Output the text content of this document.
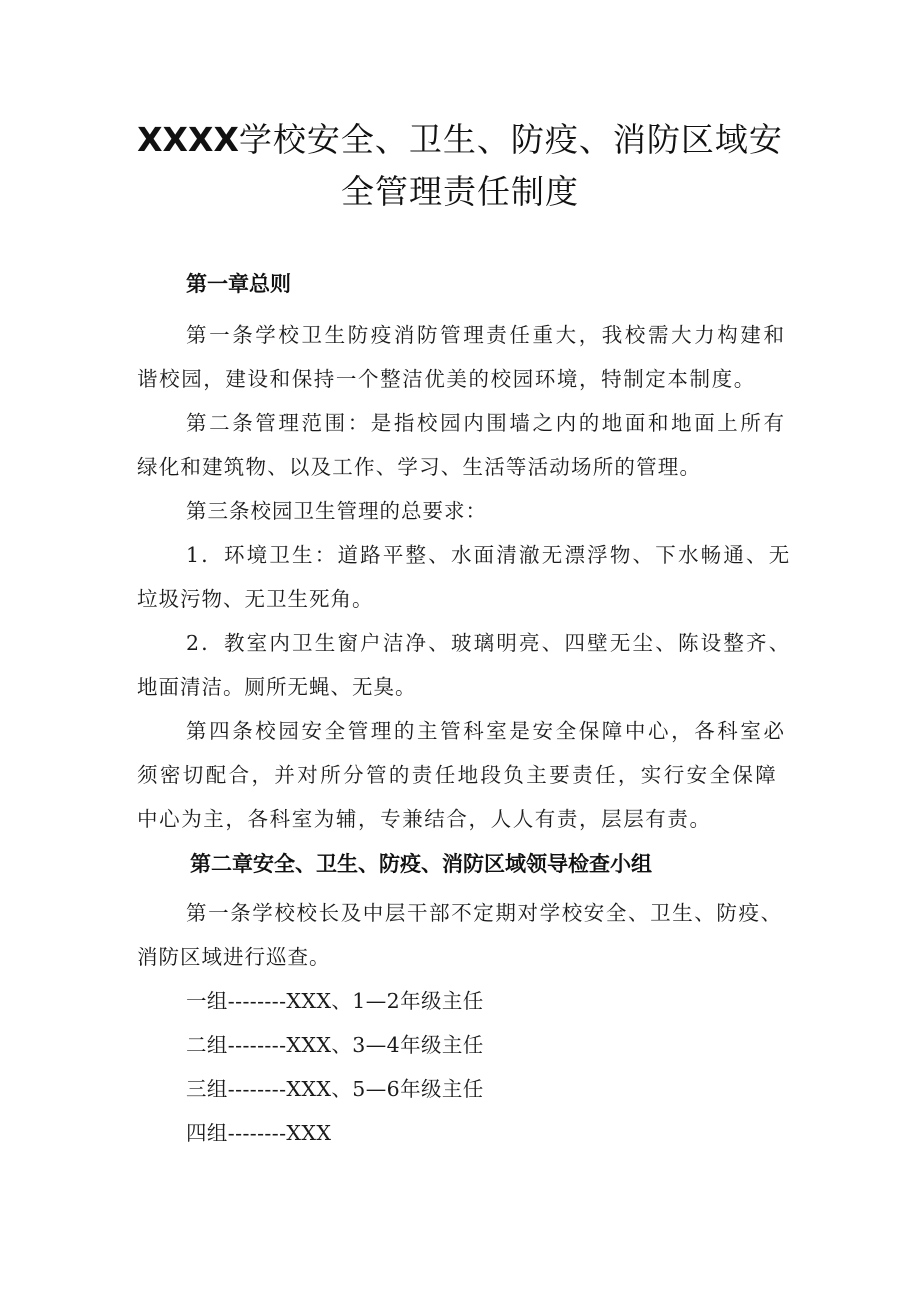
XXXX学校安全、卫生、防疫、消防区域安
全管理责任制度
第一章总则
第一条学校卫生防疫消防管理责任重大，我校需大力构建和
谐校园，建设和保持一个整洁优美的校园环境，特制定本制度。
第二条管理范围：是指校园内围墙之内的地面和地面上所有
绿化和建筑物、以及工作、学习、生活等活动场所的管理。
第三条校园卫生管理的总要求：
1．环境卫生：道路平整、水面清澈无漂浮物、下水畅通、无
垃圾污物、无卫生死角。
2．教室内卫生窗户洁净、玻璃明亮、四壁无尘、陈设整齐、
地面清洁。厕所无蝇、无臭。
第四条校园安全管理的主管科室是安全保障中心，各科室必
须密切配合，并对所分管的责任地段负主要责任，实行安全保障
中心为主，各科室为辅，专兼结合，人人有责，层层有责。
第二章安全、卫生、防疫、消防区域领导检查小组
第一条学校校长及中层干部不定期对学校安全、卫生、防疫、
消防区域进行巡查。
一组--------XXX、1—2年级主任
二组--------XXX、3—4年级主任
三组--------XXX、5—6年级主任
四组--------XXX
